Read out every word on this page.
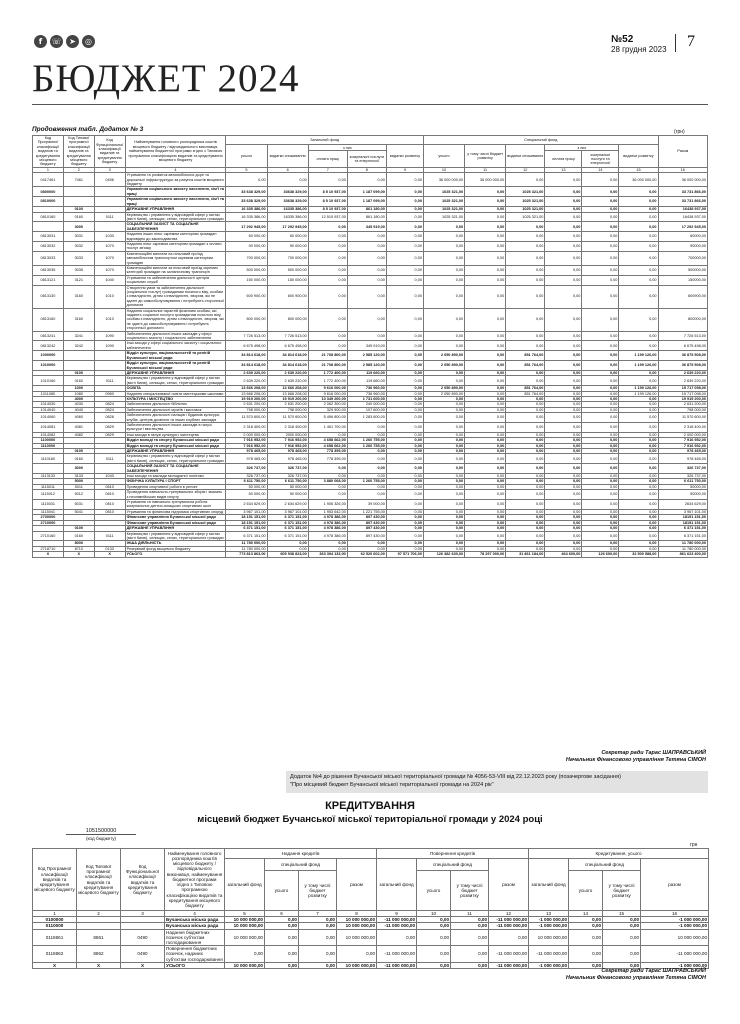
f	☏ ➤	◎	№52
28 грудня 2023	7
БЮДЖЕТ 2024
Продовження табл. Додаток № 3	(грн)
Код Програмної класифікації видатків та кредитування місцевого бюджету	Код Типової програмної класифікації видатків та кредитування місцевого бюджету	Код Функціональної класифікації видатків та кредитування бюджету	Найменування головного розпорядника коштів місцевого бюджету / відповідального виконавця, найменування бюджетної програми згідно з Типовою програмною класифікацією видатків та кредитування місцевого бюджету	Загальний фонд					Спеціальний фонд						Разом
				усього	видатки споживання	з них		видатки розвитку	усього	у тому числі бюджет розвитку	видатки споживання	з них		видатки розвитку	
						оплата праці	комунальні послуги та енергоносії					оплата праці	комунальні послуги та енергоносії		

1	2	3	4	5	6	7	8	9	10	11	12	13	14	15	16
0417461	7461	0456	Утримання та розвиток автомобільних доріг та дорожньої інфраструктури за рахунок коштів місцевого бюджету	0,00	0,00	0,00	0,00	0,00	36 000 000,00	36 000 000,00	0,00	0,00	0,00	36 000 000,00	36 000 000,00
0800000			Управління соціального захисту населення, сім'ї та праці	33 638 329,00	33638 329,00	8 5 10 937,00	1 187 099,00	0,00	1025 321,00	0,00	1025 321,00	0,00	0,00	0,00	33 731 866,00
0810000			Управління соціального захисту населення, сім'ї та праці	33 638 329,00	33638 329,00	8 5 10 937,00	1 187 099,00	0,00	1025 321,00	0,00	1025 321,00	0,00	0,00	0,00	33 731 866,00
	0100		ДЕРЖАВНЕ УПРАВЛІННЯ	16 335 386,00	16335 386,00	8 5 10 937,00	861 180,00	0,00	1025 321,00	0,00	1025 321,00	0,00	0,00	0,00	16438 937,00
0810160	0160	0111	Керівництво і управління у відповідній сфері у містах (місті Києві), селищах, селах, територіальних громадах	16 335 386,00	16335 386,00	12 510 937,00	861 180,00	0,00	1025 321,00	0,00	1025 321,00	0,00	0,00	0,00	16438 937,00
	3000		СОЦІАЛЬНИЙ ЗАХИСТ ТА СОЦІАЛЬНЕ ЗАБЕЗПЕЧЕННЯ	17 292 945,00	17 292 945,00	0,00	345 919,00	0,00	0,00	0,00	0,00	0,00	0,00	0,00	17 292 945,00
0813031	3031	1030	Надання інших пільг окремим категоріям громадян відповідно до законодавства	60 000,00	60 000,00	0,00	0,00	0,00	0,00	0,00	0,00	0,00	0,00	0,00	60000,00
0813032	3032	1070	Надання пільг окремим категоріям громадян з оплати послуг зв'язку	90 000,00	90 000,00	0,00	0,00	0,00	0,00	0,00	0,00	0,00	0,00	0,00	90000,00
0813033	3033	1070	Компенсаційні виплати на пільговий проїзд автомобільним транспортом окремим категоріям громадян	700 000,00	700 000,00	0,00	0,00	0,00	0,00	0,00	0,00	0,00	0,00	0,00	700000,00
0813035	3035	1070	Компенсаційні виплати за пільговий проїзд окремих категорій громадян на залізничному транспорті	500 000,00	500 000,00	0,00	0,00	0,00	0,00	0,00	0,00	0,00	0,00	0,00	500000,00
0813121	3121	1040	Утримання та забезпечення діяльності центрів соціальних служб	150 000,00	150 000,00	0,00	0,00	0,00	0,00	0,00	0,00	0,00	0,00	0,00	150000,00
0813130	3160	1010	Створення умов та забезпечення діяльності (соціальних послуг) громадянам похилого віку, особам з інвалідністю, дітям з інвалідністю, хворим, які не здатні до самообслуговування і потребують сторонньої допомоги	600 900,00	600 900,00	0,00	0,00	0,00	0,00	0,00	0,00	0,00	0,00	0,00	600900,00
0813160	3160	1010	Надання соціальних гарантій фізичним особам, які надають соціальні послуги громадянам похилого віку, особам з інвалідністю, дітям з інвалідністю, хворим, які не здатні до самообслуговування і потребують сторонньої допомоги	800 000,00	800 000,00	0,00	0,00	0,00	0,00	0,00	0,00	0,00	0,00	0,00	800000,00
0813241	3241	1090	Забезпечення діяльності інших закладів у сфері соціального захисту і соціального забезпечення	7 726 513,00	7 726 513,00	0,00	0,00	0,00	0,00	0,00	0,00	0,00	0,00	0,00	7 726 513,00
0813242	3242	1090	Інші заходи у сфері соціального захисту і соціального забезпечення	6 675 498,00	6 675 498,00	0,00	345 919,00	0,00	0,00	0,00	0,00	0,00	0,00	0,00	6 675 498,00
1000000			Відділ культури, національностей та релігій Бучанської міської ради	34 814 618,00	34 814 618,00	21 708 800,00	2 585 120,00	0,00	2 050 890,00	0,00	851 764,00	0,00	0,00	1 199 126,00	36 875 508,00
1010000			Відділ культури, національностей та релігій Бучанської міської ради	34 814 618,00	34 814 618,00	21 708 800,00	2 585 120,00	0,00	2 050 890,00	0,00	851 764,00	0,00	0,00	1 199 126,00	36 875 508,00
	0100		ДЕРЖАВНЕ УПРАВЛІННЯ	2 639 220,00	2 639 220,00	1 772 400,00	119 660,00	0,00	0,00	0,00	0,00	0,00	0,00	0,00	2 639 220,00
1010160	0160	0111	Керівництво і управління у відповідній сфері у містах (місті Києві), селищах, селах, територіальних громадах	2 639 220,00	2 639 220,00	1 772 400,00	119 660,00	0,00	0,00	0,00	0,00	0,00	0,00	0,00	2 639 220,00
	1000		ОСВІТА	13 666 208,00	13 666 208,00	9 616 000,00	736 960,00	0,00	2 050 890,00	0,00	851 764,00	0,00	0,00	1 199 126,00	15 717 098,00
1011080	1080	0960	Надання спеціалізованої освіти мистецькими школами	13 666 208,00	13 666 208,00	9 616 000,00	736 960,00	0,00	2 050 890,00	0,00	851 764,00	0,00	0,00	1 199 126,00	15 717 098,00
	4000		КУЛЬТУРА І МИСТЕЦТВО	19 919 200,00	19 919 200,00	10 349 200,00	1 731 600,00	0,00	0,00	0,00	0,00	0,00	0,00	0,00	19 919 200,00
1014030	4030	0824	Забезпечення діяльності бібліотек	2 631 200,00	2 631 200,00	2 062 300,00	240 000,00	0,00	0,00	0,00	0,00	0,00	0,00	0,00	2 631 200,00
1014040	4040	0824	Забезпечення діяльності музеїв і виставок	798 000,00	798 000,00	329 900,00	107 600,00	0,00	0,00	0,00	0,00	0,00	0,00	0,00	798 000,00
1014060	4060	0828	Забезпечення діяльності палаців і будинків культури, клубів, центрів дозвілля та інших клубних закладів	11 570 600,00	11 570 600,00	5 496 800,00	1 283 600,00	0,00	0,00	0,00	0,00	0,00	0,00	0,00	11 570 600,00
1014081	4081	0829	Забезпечення діяльності інших закладів в галузі культури і мистецтва	2 318 400,00	2 318 400,00	1 461 700,00	0,00	0,00	0,00	0,00	0,00	0,00	0,00	0,00	2 318 400,00
1014082	4082	0829	Інші заходи в галузі культури і мистецтва	2 000 000,00	2000 000,00	0,00	0,00	0,00	0,00	0,00	0,00	0,00	0,00	0,00	2 000 000,00
1100000			Відділ молоді та спорту Бучанської міської ради	7 916 952,00	7 916 952,00	4 658 662,00	1 260 755,00	0,00	0,00	0,00	0,00	0,00	0,00	0,00	7 916 952,00
1110000			Відділ молоді та спорту Бучанської міської ради	7 916 952,00	7 916 952,00	4 658 662,00	1 260 755,00	0,00	0,00	0,00	0,00	0,00	0,00	0,00	7 916 952,00
	0100		ДЕРЖАВНЕ УПРАВЛІННЯ	978 465,00	978 465,00	778 395,00	0,00	0,00	0,00	0,00	0,00	0,00	0,00	0,00	978 465,00
1110160	0160	0111	Керівництво і управління у відповідній сфері у містах (місті Києві), селищах, селах, територіальних громадах	978 465,00	978 465,00	778 395,00	0,00	0,00	0,00	0,00	0,00	0,00	0,00	0,00	978 465,00
	3000		СОЦІАЛЬНИЙ ЗАХИСТ ТА СОЦІАЛЬНЕ ЗАБЕЗПЕЧЕННЯ	326 737,00	326 737,00	0,00	0,00	0,00	0,00	0,00	0,00	0,00	0,00	0,00	326 737,00
1113133	3133	1040	Інші заходи та заклади молодіжної політики	326 737,00	326 737,00	0,00	0,00	0,00	0,00	0,00	0,00	0,00	0,00	0,00	326 737,00
	5000		ФІЗИЧНА КУЛЬТУРА І СПОРТ	6 611 750,00	6 611 750,00	3 880 068,00	1 260 755,00	0,00	0,00	0,00	0,00	0,00	0,00	0,00	6 611 750,00
1115011	5011	0810	Проведення спортивної роботи в регіоні	50 000,00	50 000,00	0,00	0,00	0,00	0,00	0,00	0,00	0,00	0,00	0,00	50000,00
1115012	5012	0810	Проведення навчально-тренувальних зборів і змагань з неолімпійських видів спорту	50 000,00	50 000,00	0,00	0,00	0,00	0,00	0,00	0,00	0,00	0,00	0,00	50000,00
1115031	5031	0810	Утримання та навчально-тренувальна робота комунальних дитячо-юнацьких спортивних шкіл	2 634 629,00	2 634 629,00	1 906 326,00	39 000,00	0,00	0,00	0,00	0,00	0,00	0,00	0,00	2634 629,00
1115041	5041	0810	Утримання та фінансова підтримка спортивних споруд	3 967 101,00	3 967 101,00	1 953 642,00	1 221 755,00	0,00	0,00	0,00	0,00	0,00	0,00	0,00	3 967 101,00
2700000			Фінансове управління Бучанської міської ради	18 151 151,00	6 371 151,00	4 978 386,00	897 430,00	0,00	0,00	0,00	0,00	0,00	0,00	0,00	18151 151,00
2710000			Фінансове управління Бучанської міської ради	18 151 151,00	6 371 151,00	4 978 386,00	897 430,00	0,00	0,00	0,00	0,00	0,00	0,00	0,00	18151 151,00
	0100		ДЕРЖАВНЕ УПРАВЛІННЯ	6 371 151,00	6 371 151,00	4 978 386,00	897 430,00	0,00	0,00	0,00	0,00	0,00	0,00	0,00	6 371 151,00
2710160	0160	0111	Керівництво і управління у відповідній сфері у містах (місті Києві), селищах, селах, територіальних громадах	6 371 151,00	6 371 151,00	4 978 386,00	897 430,00	0,00	0,00	0,00	0,00	0,00	0,00	0,00	6 371 151,00
	8000		ІНША ДІЯЛЬНІСТЬ	11 780 000,00	0,00	0,00	0,00	0,00	0,00	0,00	0,00	0,00	0,00	0,00	11 780 000,00
2718710	8710	0133	Резервний фонд місцевого бюджету	11 780 000,00	0,00	0,00	0,00	0,00	0,00	0,00	0,00	0,00	0,00	0,00	11 780 000,00
X	X	X	УСЬОГО	773 813 863,00	605 938 823,00	363 394 133,00	62 520 602,00	97 571 706,00	126 382 630,00	78 297 000,00	31 861 184,00	464 600,00	126 600,00	32 500 588,00	861 623 400,00
Секретар ради Тарас ШАПРАВСЬКИЙ
Начальник Фінансового управління Тетяна СІМОН
Додаток №4 до рішення Бучанської міської територіальної громади № 4056-53-VIII від 22.12.2023 року (позачергове засідання)
"Про місцевий бюджет Бучанської міської територіальної громади на 2024 рік"
КРЕДИТУВАННЯ
місцевий бюджет Бучанської міської територіальної громади у 2024 році
1051500000
(код бюджету)
грн
Код Програмної класифікації видатків та кредитування місцевого бюджету	Код Типової програмної класифікації видатків та кредитування місцевого бюджету	Код Функціональної класифікації видатків та кредитування бюджету	Найменування головного розпорядника коштів місцевого бюджету / відповідального виконавця, найменування бюджетної програми згідно з Типовою програмною класифікацією видатків та кредитування місцевого бюджету	Надання кредитів				Повернення кредитів				Кредитування, усього			
				загальний фонд	спеціальний фонд		разом	загальний фонд	спеціальний фонд		разом	загальний фонд	спеціальний фонд		разом
					усього	у тому числі бюджет розвитку			усього	у тому числі бюджет розвитку			усього	у тому числі бюджет розвитку	
1	2	3	4	5	6	7	8	9	10	11	12	13	14	15	16
0100000			Бучанська міська рада	10 000 000,00	0,00	0,00	10 000 000,00	-11 000 000,00	0,00	0,00	-11 000 000,00	-1 000 000,00	0,00	0,00	-1 000 000,00
0110000			Бучанська міська рада	10 000 000,00	0,00	0,00	10 000 000,00	-11 000 000,00	0,00	0,00	-11 000 000,00	-1 000 000,00	0,00	0,00	-1 000 000,00
0118861	8861	0490	Надання бюджетних позичок суб'єктам господарювання	10 000 000,00	0,00	0,00	10 000 000,00	0,00	0,00	0,00	0,00	10 000 000,00	0,00	0,00	10 000 000,00
0118862	8862	0490	Повернення бюджетних позичок, наданих суб'єктам господарювання	0,00	0,00	0,00	0,00	-11 000 000,00	0,00	0,00	-11 000 000,00	-11 000 000,00	0,00	0,00	-11 000 000,00
X	X	X	УСЬОГО	10 000 000,00	0,00	0,00	10 000 000,00	-11 000 000,00	0,00	0,00	-11 000 000,00	-1 000 000,00	0,00	0,00	-1 000 000,00
Секретар ради Тарас ШАПРАВСЬКИЙ
Начальник Фінансового управління Тетяна СІМОН
